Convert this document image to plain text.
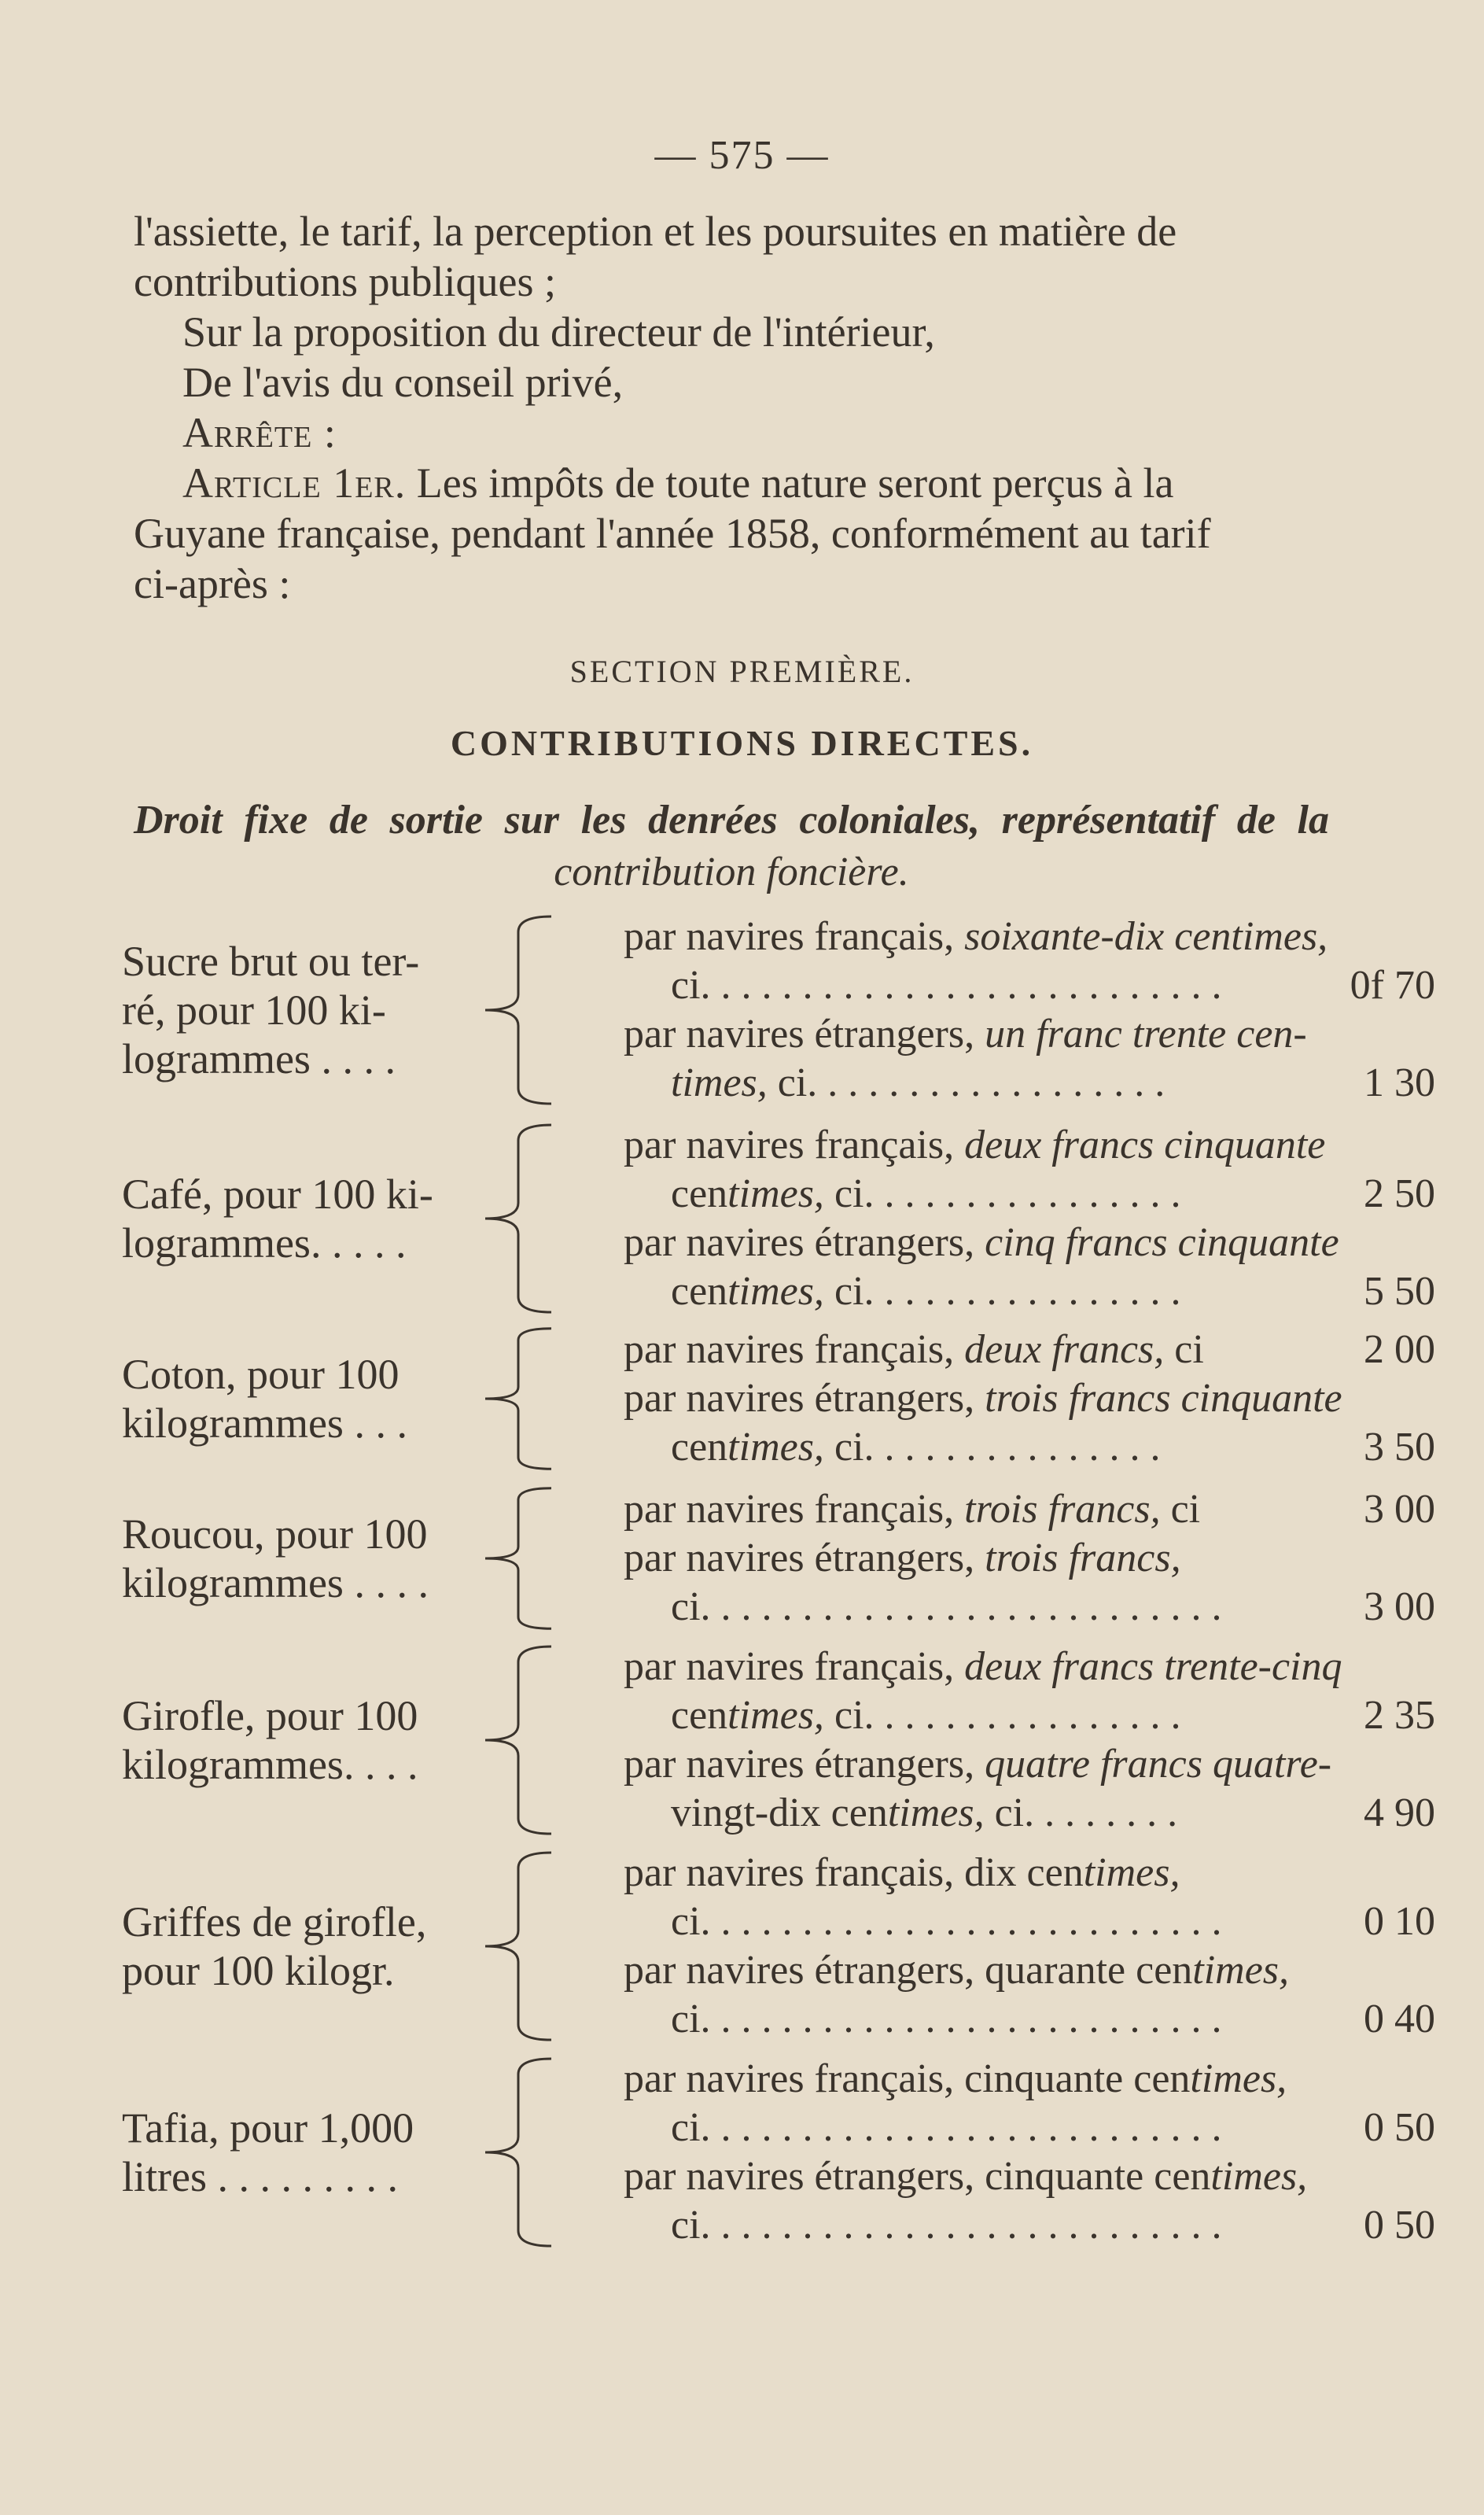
— 575 —
l'assiette, le tarif, la perception et les poursuites en matière de
contributions publiques ;
Sur la proposition du directeur de l'intérieur,
De l'avis du conseil privé,
Arrête :
Article 1er. Les impôts de toute nature seront perçus à la
Guyane française, pendant l'année 1858, conformément au tarif
ci-après :
SECTION PREMIÈRE.
CONTRIBUTIONS DIRECTES.
Droit fixe de sortie sur les denrées coloniales, représentatif de la
contribution foncière.
Sucre brut ou ter-
ré, pour 100 ki-
logrammes . . . .
par navires français, soixante-dix centimes,
ci. . . . . . . . . . . . . . . . . . . . . . . . . .	0f 70
par navires étrangers, un franc trente cen-
times, ci. . . . . . . . . . . . . . . . . .	1 30
Café, pour 100 ki-
logrammes. . . . .
par navires français, deux francs cinquante
centimes, ci. . . . . . . . . . . . . . . .	2 50
par navires étrangers, cinq francs cinquante
centimes, ci. . . . . . . . . . . . . . . .	5 50
Coton, pour 100
kilogrammes . . .
par navires français, deux francs, ci	2 00
par navires étrangers, trois francs cinquante
centimes, ci. . . . . . . . . . . . . . .	3 50
Roucou, pour 100
kilogrammes . . . .
par navires français, trois francs, ci	3 00
par navires étrangers, trois francs,
ci. . . . . . . . . . . . . . . . . . . . . . . . . .	3 00
Girofle, pour 100
kilogrammes. . . .
par navires français, deux francs trente-cinq
centimes, ci. . . . . . . . . . . . . . . .	2 35
par navires étrangers, quatre francs quatre-
vingt-dix centimes, ci. . . . . . . .	4 90
Griffes de girofle,
pour 100 kilogr.
par navires français, dix centimes,
ci. . . . . . . . . . . . . . . . . . . . . . . . . .	0 10
par navires étrangers, quarante centimes,
ci. . . . . . . . . . . . . . . . . . . . . . . . . .	0 40
Tafia, pour 1,000
litres . . . . . . . . .
par navires français, cinquante centimes,
ci. . . . . . . . . . . . . . . . . . . . . . . . . .	0 50
par navires étrangers, cinquante centimes,
ci. . . . . . . . . . . . . . . . . . . . . . . . . .	0 50
